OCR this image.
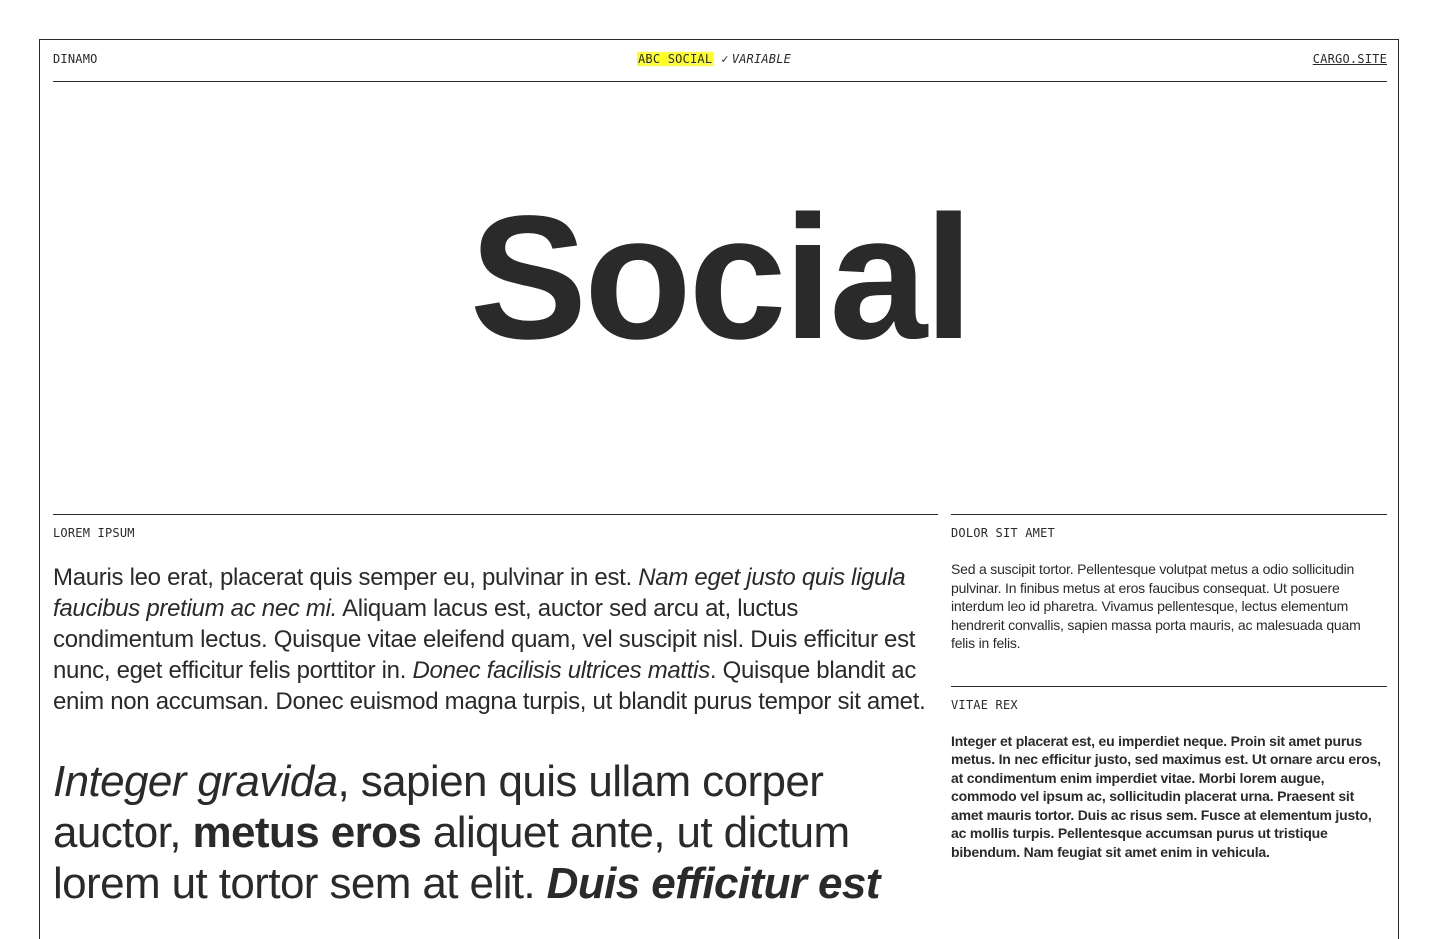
DINAMO	ABC SOCIAL ✓ VARIABLE	CARGO.SITE
Social
LOREM IPSUM
Mauris leo erat, placerat quis semper eu, pulvinar in est. Nam eget justo quis ligula faucibus pretium ac nec mi. Aliquam lacus est, auctor sed arcu at, luctus condimentum lectus. Quisque vitae eleifend quam, vel suscipit nisl. Duis efficitur est nunc, eget efficitur felis porttitor in. Donec facilisis ultrices mattis. Quisque blandit ac enim non accumsan. Donec euismod magna turpis, ut blandit purus tempor sit amet.
Integer gravida, sapien quis ullam corper auctor, metus eros aliquet ante, ut dictum lorem ut tortor sem at elit. Duis efficitur est
DOLOR SIT AMET
Sed a suscipit tortor. Pellentesque volutpat metus a odio sollicitudin pulvinar. In finibus metus at eros faucibus consequat. Ut posuere interdum leo id pharetra. Vivamus pellentesque, lectus elementum hendrerit convallis, sapien massa porta mauris, ac malesuada quam felis in felis.
VITAE REX
Integer et placerat est, eu imperdiet neque. Proin sit amet purus metus. In nec efficitur justo, sed maximus est. Ut ornare arcu eros, at condimentum enim imperdiet vitae. Morbi lorem augue, commodo vel ipsum ac, sollicitudin placerat urna. Praesent sit amet mauris tortor. Duis ac risus sem. Fusce at elementum justo, ac mollis turpis. Pellentesque accumsan purus ut tristique bibendum. Nam feugiat sit amet enim in vehicula.
